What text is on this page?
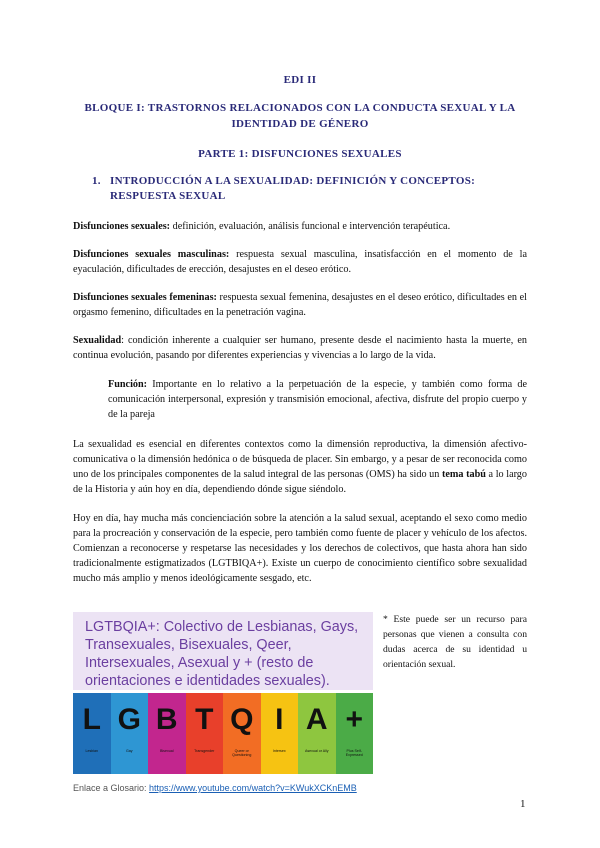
EDI II
BLOQUE I: TRASTORNOS RELACIONADOS CON LA CONDUCTA SEXUAL Y LA IDENTIDAD DE GÉNERO
PARTE 1: DISFUNCIONES SEXUALES
1. INTRODUCCIÓN A LA SEXUALIDAD: DEFINICIÓN Y CONCEPTOS: RESPUESTA SEXUAL
Disfunciones sexuales: definición, evaluación, análisis funcional e intervención terapéutica.
Disfunciones sexuales masculinas: respuesta sexual masculina, insatisfacción en el momento de la eyaculación, dificultades de erección, desajustes en el deseo erótico.
Disfunciones sexuales femeninas: respuesta sexual femenina, desajustes en el deseo erótico, dificultades en el orgasmo femenino, dificultades en la penetración vagina.
Sexualidad: condición inherente a cualquier ser humano, presente desde el nacimiento hasta la muerte, en continua evolución, pasando por diferentes experiencias y vivencias a lo largo de la vida.
Función: Importante en lo relativo a la perpetuación de la especie, y también como forma de comunicación interpersonal, expresión y transmisión emocional, afectiva, disfrute del propio cuerpo y de la pareja
La sexualidad es esencial en diferentes contextos como la dimensión reproductiva, la dimensión afectivo-comunicativa o la dimensión hedónica o de búsqueda de placer. Sin embargo, y a pesar de ser reconocida como uno de los principales componentes de la salud integral de las personas (OMS) ha sido un tema tabú a lo largo de la Historia y aún hoy en día, dependiendo dónde sigue siéndolo.
Hoy en día, hay mucha más concienciación sobre la atención a la salud sexual, aceptando el sexo como medio para la procreación y conservación de la especie, pero también como fuente de placer y vehículo de los afectos. Comienzan a reconocerse y respetarse las necesidades y los derechos de colectivos, que hasta ahora han sido tradicionalmente estigmatizados (LGTBIQA+). Existe un cuerpo de conocimiento científico sobre sexualidad mucho más amplio y menos ideológicamente sesgado, etc.
LGTBQIA+: Colectivo de Lesbianas, Gays, Transexuales, Bisexuales, Qeer, Intersexuales, Asexual y + (resto de orientaciones e identidades sexuales).
L
Lesbian
G
Gay
B
Bisexual
T
Transgender
Q
Queer or Questioning
I
Intersex
A
Asexual or Ally
+
Plus Self-Expressed
Enlace a Glosario: https://www.youtube.com/watch?v=KWukXCKnEMB
* Este puede ser un recurso para personas que vienen a consulta con dudas acerca de su identidad u orientación sexual.
1
